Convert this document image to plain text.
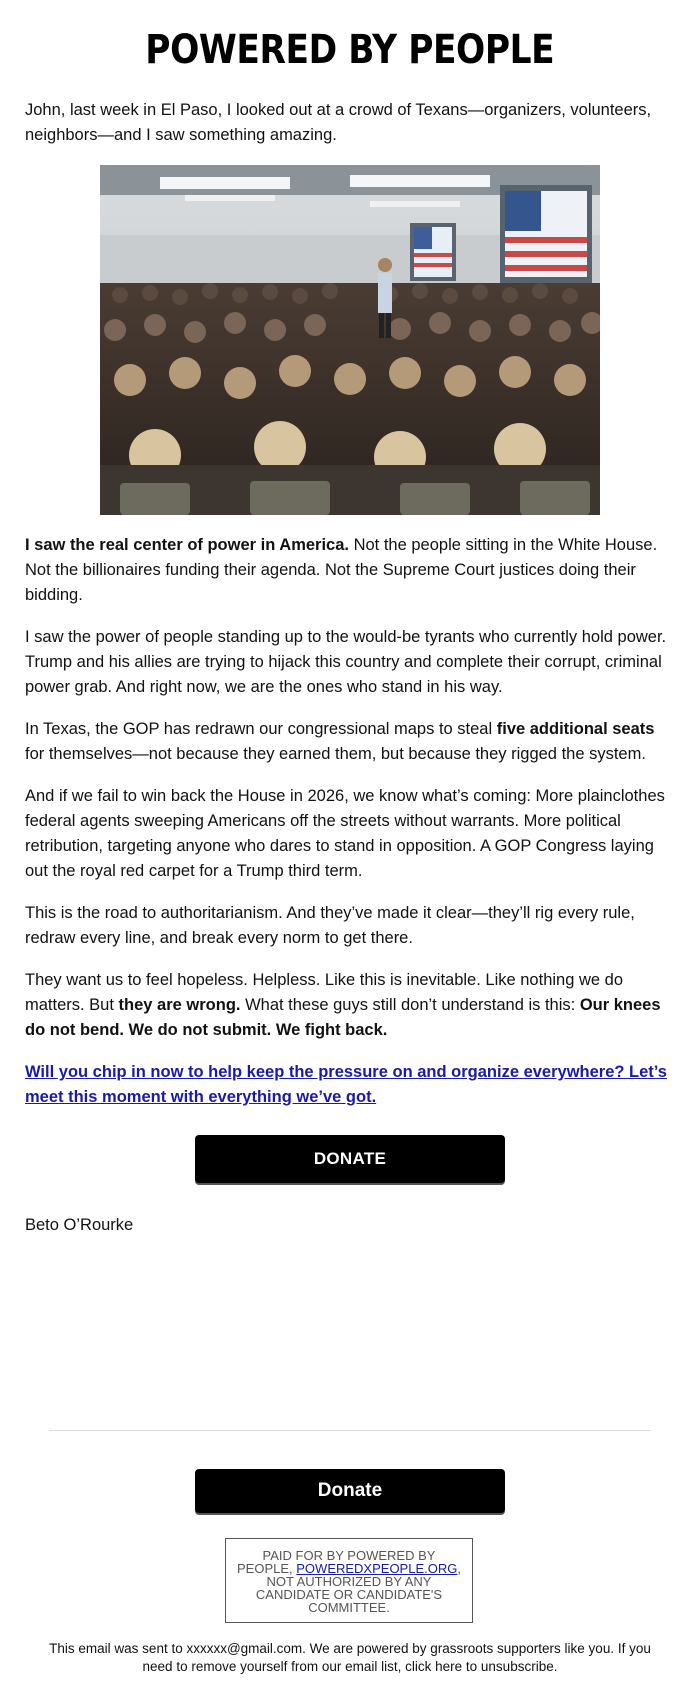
POWERED BY PEOPLE

John, last week in El Paso, I looked out at a crowd of Texans—organizers, volunteers, neighbors—and I saw something amazing.

I saw the real center of power in America. Not the people sitting in the White House. Not the billionaires funding their agenda. Not the Supreme Court justices doing their bidding.

I saw the power of people standing up to the would-be tyrants who currently hold power. Trump and his allies are trying to hijack this country and complete their corrupt, criminal power grab. And right now, we are the ones who stand in his way.

In Texas, the GOP has redrawn our congressional maps to steal five additional seats for themselves—not because they earned them, but because they rigged the system.

And if we fail to win back the House in 2026, we know what’s coming: More plainclothes federal agents sweeping Americans off the streets without warrants. More political retribution, targeting anyone who dares to stand in opposition. A GOP Congress laying out the royal red carpet for a Trump third term.

This is the road to authoritarianism. And they’ve made it clear—they’ll rig every rule, redraw every line, and break every norm to get there.

They want us to feel hopeless. Helpless. Like this is inevitable. Like nothing we do matters. But they are wrong. What these guys still don’t understand is this: Our knees do not bend. We do not submit. We fight back.

Will you chip in now to help keep the pressure on and organize everywhere? Let’s meet this moment with everything we’ve got.
DONATE

Beto O’Rourke

Donate
PAID FOR BY POWERED BY PEOPLE, POWEREDXPEOPLE.ORG, NOT AUTHORIZED BY ANY CANDIDATE OR CANDIDATE'S COMMITTEE.

This email was sent to xxxxxx@gmail.com. We are powered by grassroots supporters like you. If you need to remove yourself from our email list, click here to unsubscribe.
